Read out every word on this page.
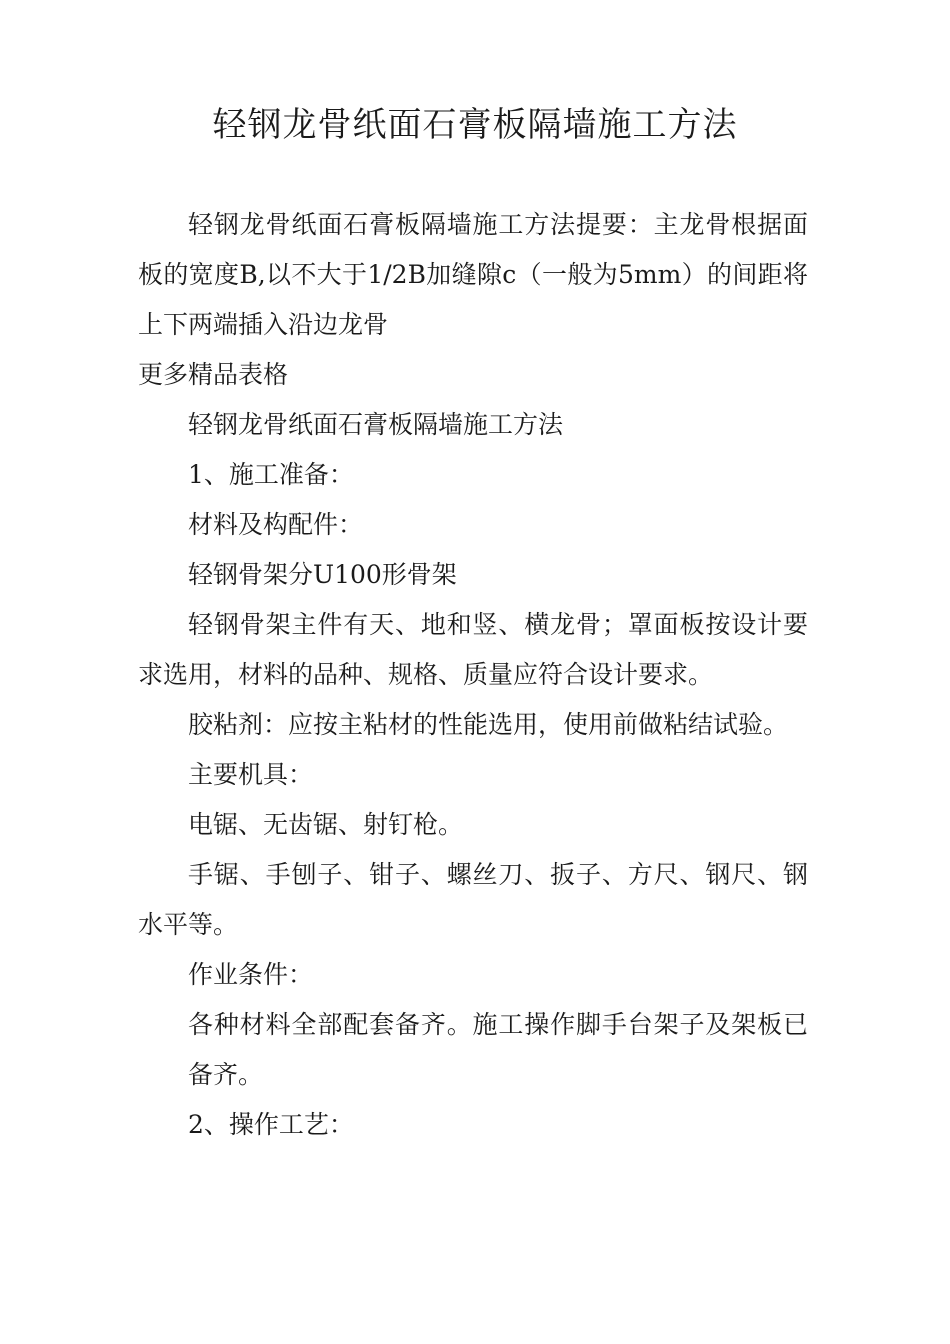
轻钢龙骨纸面石膏板隔墙施工方法

轻钢龙骨纸面石膏板隔墙施工方法提要：主龙骨根据面板的宽度B,以不大于1/2B加缝隙c（一般为5mm）的间距将上下两端插入沿边龙骨

更多精品表格

轻钢龙骨纸面石膏板隔墙施工方法

1、施工准备：

材料及构配件：

轻钢骨架分U100形骨架

轻钢骨架主件有天、地和竖、横龙骨；罩面板按设计要求选用，材料的品种、规格、质量应符合设计要求。

胶粘剂：应按主粘材的性能选用，使用前做粘结试验。

主要机具：

电锯、无齿锯、射钉枪。

手锯、手刨子、钳子、螺丝刀、扳子、方尺、钢尺、钢水平等。

作业条件：

各种材料全部配套备齐。施工操作脚手台架子及架板已备齐。

2、操作工艺：
